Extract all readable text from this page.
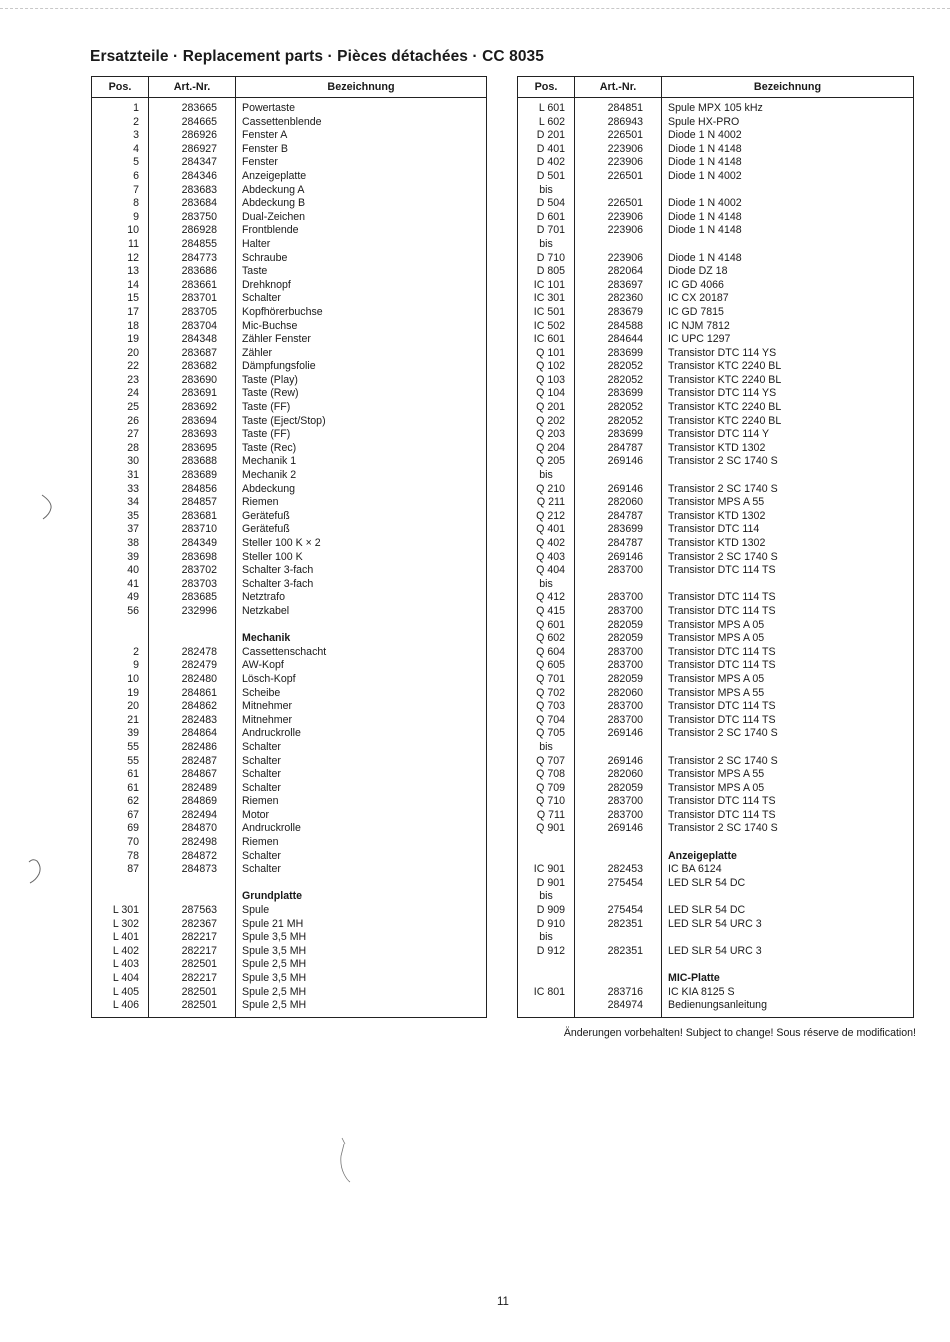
Ersatzteile · Replacement parts · Pièces détachées · CC 8035
Pos.	Art.-Nr.	Bezeichnung
1	283665	Powertaste
2	284665	Cassettenblende
3	286926	Fenster A
4	286927	Fenster B
5	284347	Fenster
6	284346	Anzeigeplatte
7	283683	Abdeckung A
8	283684	Abdeckung B
9	283750	Dual-Zeichen
10	286928	Frontblende
11	284855	Halter
12	284773	Schraube
13	283686	Taste
14	283661	Drehknopf
15	283701	Schalter
17	283705	Kopfhörerbuchse
18	283704	Mic-Buchse
19	284348	Zähler Fenster
20	283687	Zähler
22	283682	Dämpfungsfolie
23	283690	Taste (Play)
24	283691	Taste (Rew)
25	283692	Taste (FF)
26	283694	Taste (Eject/Stop)
27	283693	Taste (FF)
28	283695	Taste (Rec)
30	283688	Mechanik 1
31	283689	Mechanik 2
33	284856	Abdeckung
34	284857	Riemen
35	283681	Gerätefuß
37	283710	Gerätefuß
38	284349	Steller 100 K × 2
39	283698	Steller 100 K
40	283702	Schalter 3-fach
41	283703	Schalter 3-fach
49	283685	Netztrafo
56	232996	Netzkabel

		Mechanik
2	282478	Cassettenschacht
9	282479	AW-Kopf
10	282480	Lösch-Kopf
19	284861	Scheibe
20	284862	Mitnehmer
21	282483	Mitnehmer
39	284864	Andruckrolle
55	282486	Schalter
55	282487	Schalter
61	284867	Schalter
61	282489	Schalter
62	284869	Riemen
67	282494	Motor
69	284870	Andruckrolle
70	282498	Riemen
78	284872	Schalter
87	284873	Schalter

		Grundplatte
L 301	287563	Spule
L 302	282367	Spule 21 MH
L 401	282217	Spule 3,5 MH
L 402	282217	Spule 3,5 MH
L 403	282501	Spule 2,5 MH
L 404	282217	Spule 3,5 MH
L 405	282501	Spule 2,5 MH
L 406	282501	Spule 2,5 MH
Pos.	Art.-Nr.	Bezeichnung
L 601	284851	Spule MPX 105 kHz
L 602	286943	Spule HX-PRO
D 201	226501	Diode 1 N 4002
D 401	223906	Diode 1 N 4148
D 402	223906	Diode 1 N 4148
D 501	226501	Diode 1 N 4002
bis		
D 504	226501	Diode 1 N 4002
D 601	223906	Diode 1 N 4148
D 701	223906	Diode 1 N 4148
bis		
D 710	223906	Diode 1 N 4148
D 805	282064	Diode DZ 18
IC 101	283697	IC GD 4066
IC 301	282360	IC CX 20187
IC 501	283679	IC GD 7815
IC 502	284588	IC NJM 7812
IC 601	284644	IC UPC 1297
Q 101	283699	Transistor DTC 114 YS
Q 102	282052	Transistor KTC 2240 BL
Q 103	282052	Transistor KTC 2240 BL
Q 104	283699	Transistor DTC 114 YS
Q 201	282052	Transistor KTC 2240 BL
Q 202	282052	Transistor KTC 2240 BL
Q 203	283699	Transistor DTC 114 Y
Q 204	284787	Transistor KTD 1302
Q 205	269146	Transistor 2 SC 1740 S
bis		
Q 210	269146	Transistor 2 SC 1740 S
Q 211	282060	Transistor MPS A 55
Q 212	284787	Transistor KTD 1302
Q 401	283699	Transistor DTC 114
Q 402	284787	Transistor KTD 1302
Q 403	269146	Transistor 2 SC 1740 S
Q 404	283700	Transistor DTC 114 TS
bis		
Q 412	283700	Transistor DTC 114 TS
Q 415	283700	Transistor DTC 114 TS
Q 601	282059	Transistor MPS A 05
Q 602	282059	Transistor MPS A 05
Q 604	283700	Transistor DTC 114 TS
Q 605	283700	Transistor DTC 114 TS
Q 701	282059	Transistor MPS A 05
Q 702	282060	Transistor MPS A 55
Q 703	283700	Transistor DTC 114 TS
Q 704	283700	Transistor DTC 114 TS
Q 705	269146	Transistor 2 SC 1740 S
bis		
Q 707	269146	Transistor 2 SC 1740 S
Q 708	282060	Transistor MPS A 55
Q 709	282059	Transistor MPS A 05
Q 710	283700	Transistor DTC 114 TS
Q 711	283700	Transistor DTC 114 TS
Q 901	269146	Transistor 2 SC 1740 S

		Anzeigeplatte
IC 901	282453	IC BA 6124
D 901	275454	LED SLR 54 DC
bis		
D 909	275454	LED SLR 54 DC
D 910	282351	LED SLR 54 URC 3
bis		
D 912	282351	LED SLR 54 URC 3

		MIC-Platte
IC 801	283716	IC KIA 8125 S
	284974	Bedienungsanleitung
Änderungen vorbehalten! Subject to change! Sous réserve de modification!
11
